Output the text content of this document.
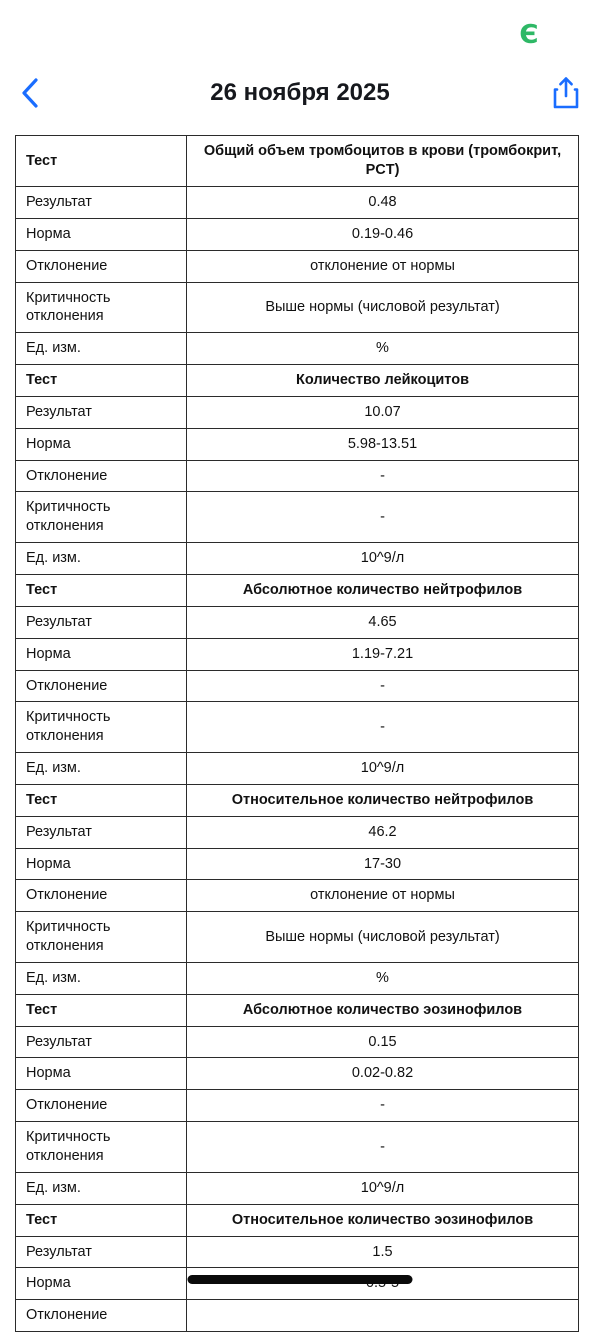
Є
26 ноября 2025
Тест	Общий объем тромбоцитов в крови (тромбокрит, PCT)
Результат	0.48
Норма	0.19-0.46
Отклонение	отклонение от нормы
Критичность отклонения	Выше нормы (числовой результат)
Ед. изм.	%
Тест	Количество лейкоцитов
Результат	10.07
Норма	5.98-13.51
Отклонение	-
Критичность отклонения	-
Ед. изм.	10^9/л
Тест	Абсолютное количество нейтрофилов
Результат	4.65
Норма	1.19-7.21
Отклонение	-
Критичность отклонения	-
Ед. изм.	10^9/л
Тест	Относительное количество нейтрофилов
Результат	46.2
Норма	17-30
Отклонение	отклонение от нормы
Критичность отклонения	Выше нормы (числовой результат)
Ед. изм.	%
Тест	Абсолютное количество эозинофилов
Результат	0.15
Норма	0.02-0.82
Отклонение	-
Критичность отклонения	-
Ед. изм.	10^9/л
Тест	Относительное количество эозинофилов
Результат	1.5
Норма	
Отклонение	
